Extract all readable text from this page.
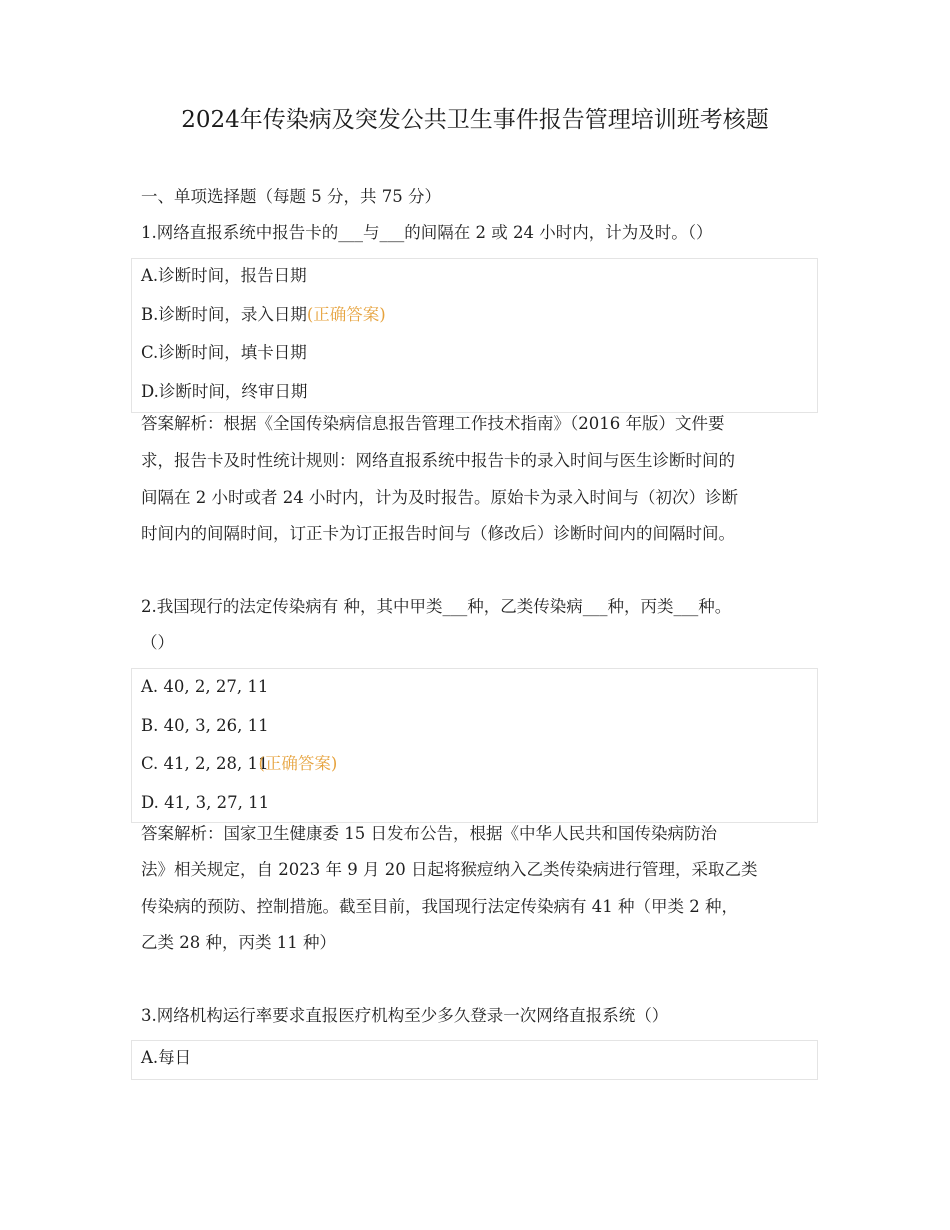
2024年传染病及突发公共卫生事件报告管理培训班考核题
一、单项选择题（每题 5 分，共 75 分）
1.网络直报系统中报告卡的___与___的间隔在 2 或 24 小时内，计为及时。（）
A.诊断时间，报告日期
B.诊断时间，录入日期(正确答案)
C.诊断时间，填卡日期
D.诊断时间，终审日期
答案解析：根据《全国传染病信息报告管理工作技术指南》（2016 年版）文件要
求，报告卡及时性统计规则：网络直报系统中报告卡的录入时间与医生诊断时间的
间隔在 2 小时或者 24 小时内，计为及时报告。原始卡为录入时间与（初次）诊断
时间内的间隔时间，订正卡为订正报告时间与（修改后）诊断时间内的间隔时间。
2.我国现行的法定传染病有 种，其中甲类___种，乙类传染病___种，丙类___种。
（）
A. 40, 2, 27, 11
B. 40, 3, 26, 11
C. 41, 2, 28, 11(正确答案)
D. 41, 3, 27, 11
答案解析：国家卫生健康委 15 日发布公告，根据《中华人民共和国传染病防治
法》相关规定，自 2023 年 9 月 20 日起将猴痘纳入乙类传染病进行管理，采取乙类
传染病的预防、控制措施。截至目前，我国现行法定传染病有 41 种（甲类 2 种，
乙类 28 种，丙类 11 种）
3.网络机构运行率要求直报医疗机构至少多久登录一次网络直报系统（）
A.每日
